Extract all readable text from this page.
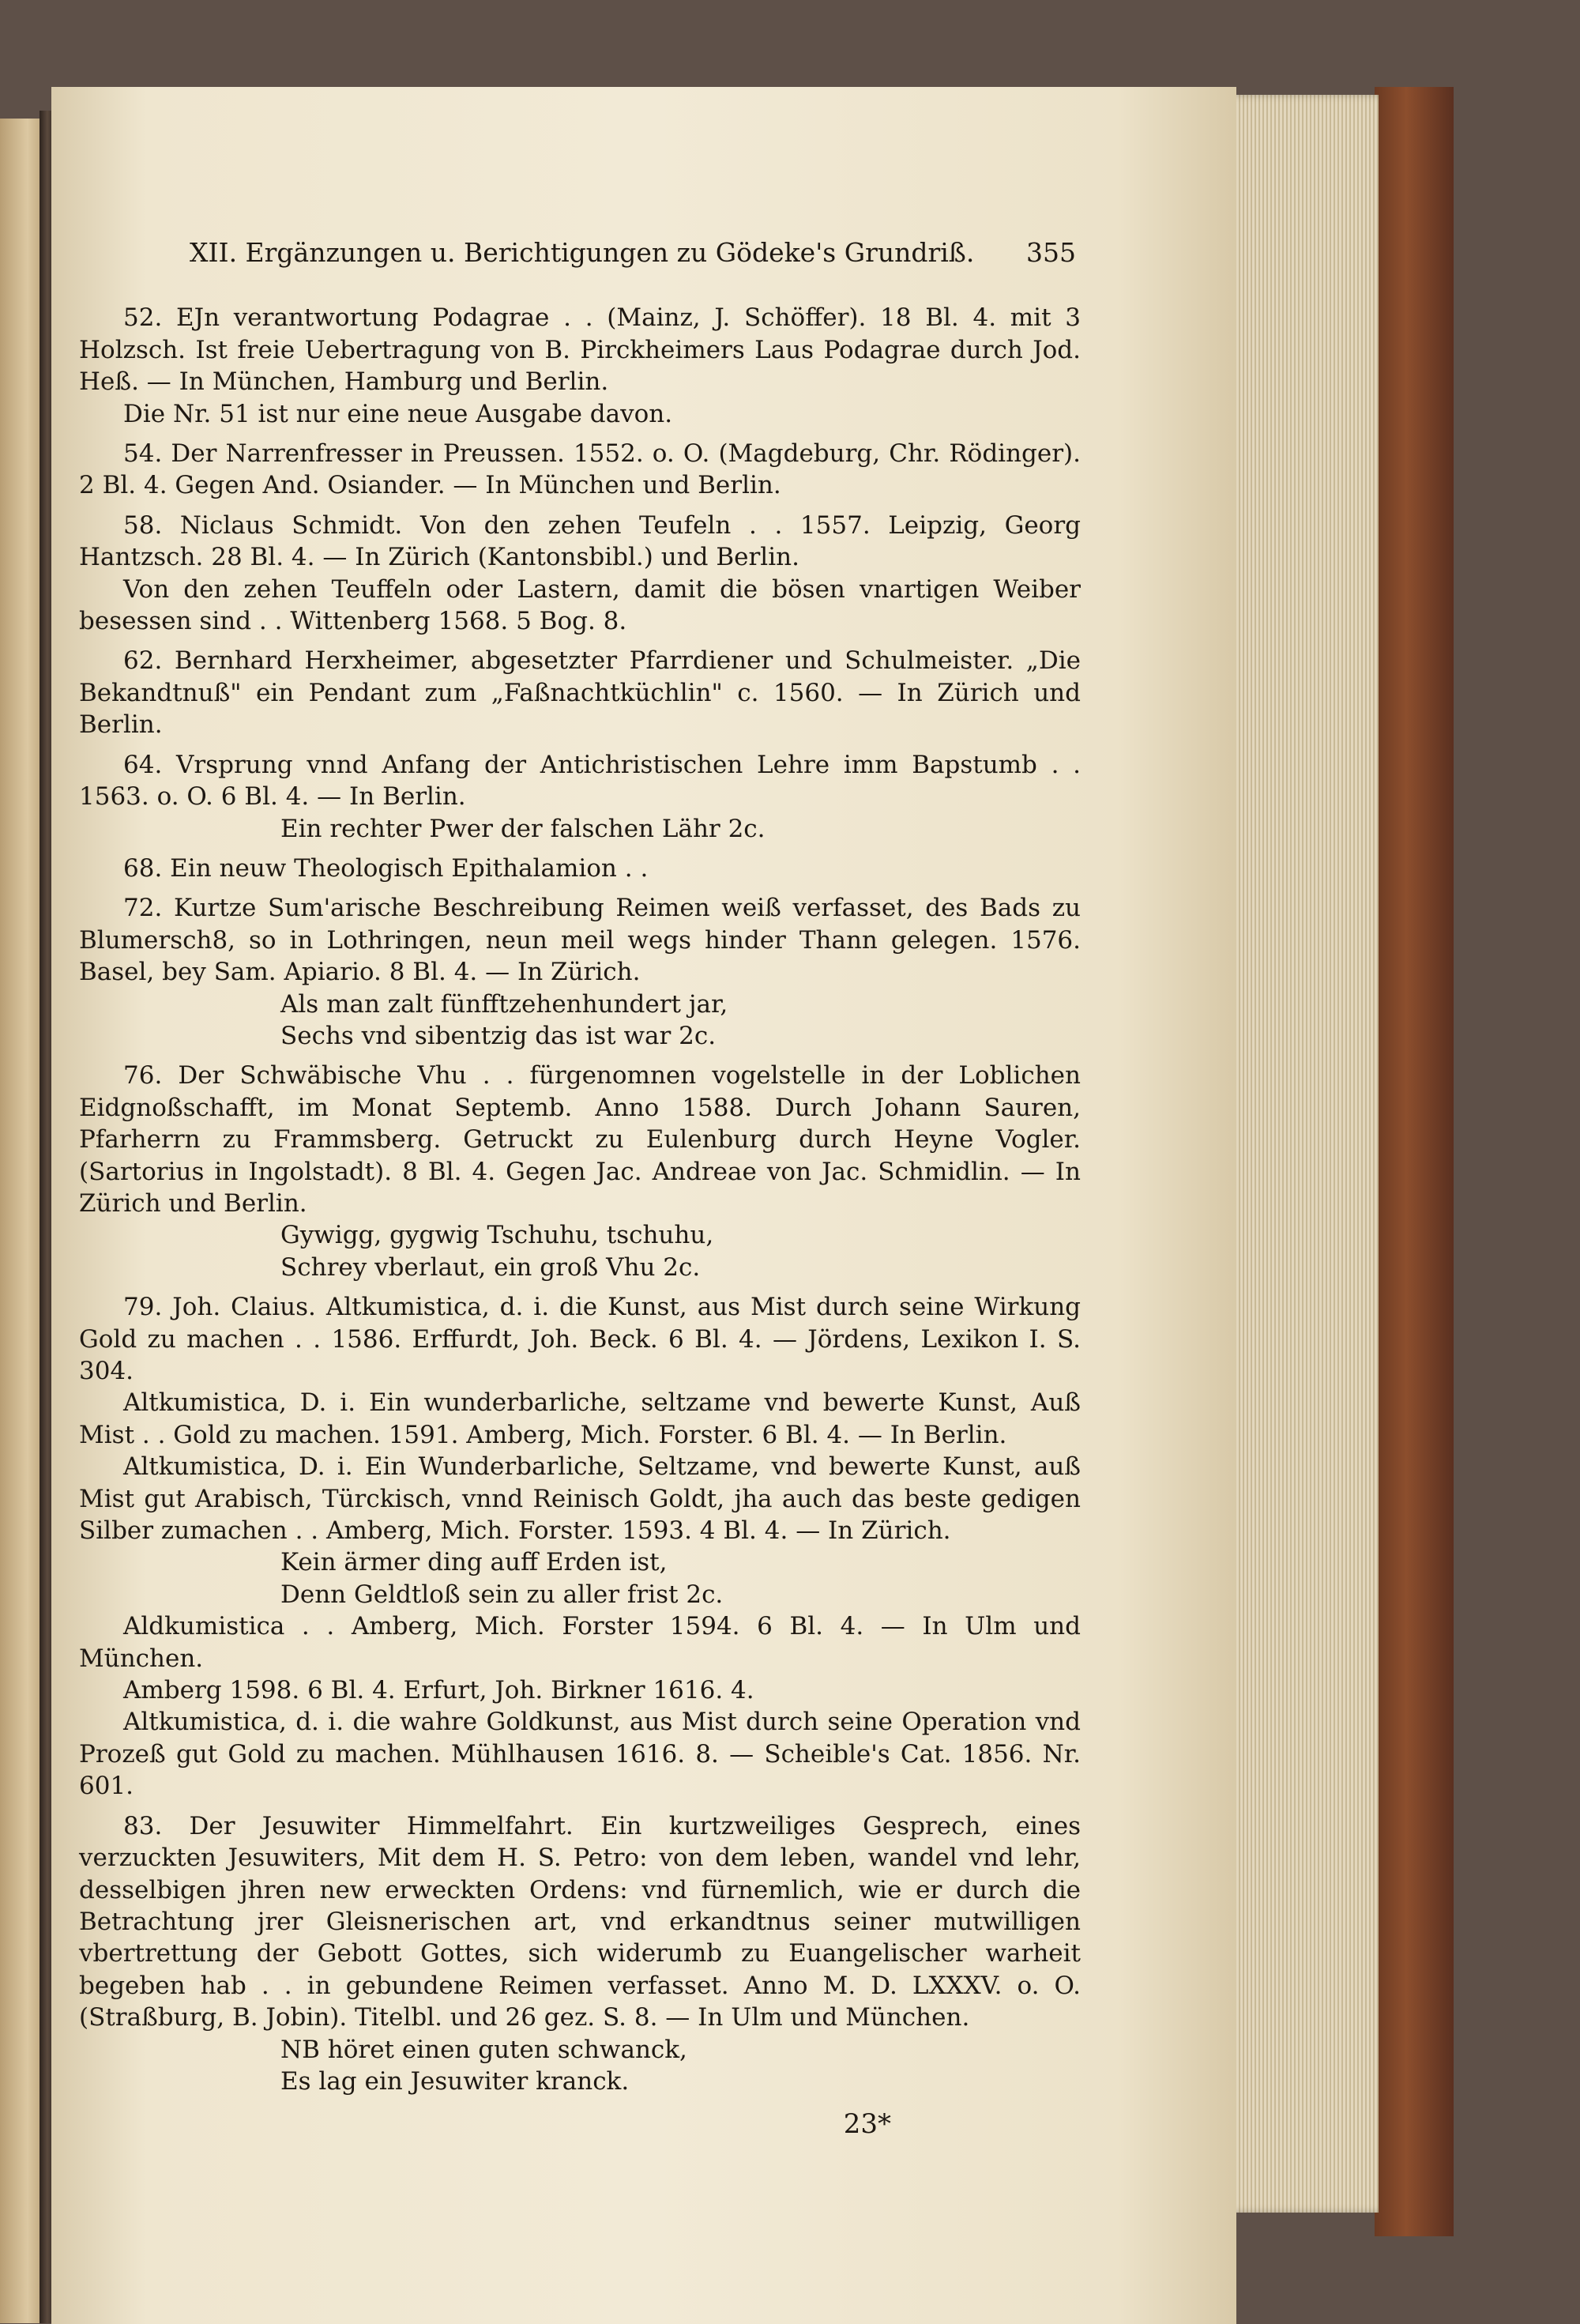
XII. Ergänzungen u. Berichtigungen zu Gödeke's Grundriß. 355

52. EJn verantwortung Podagrae . . (Mainz, J. Schöffer). 18 Bl. 4. mit 3 Holzsch. Ist freie Uebertragung von B. Pirckheimers Laus Podagrae durch Jod. Heß. — In München, Hamburg und Berlin.

Die Nr. 51 ist nur eine neue Ausgabe davon.

54. Der Narrenfresser in Preussen. 1552. o. O. (Magdeburg, Chr. Rödinger). 2 Bl. 4. Gegen And. Osiander. — In München und Berlin.

58. Niclaus Schmidt. Von den zehen Teufeln . . 1557. Leipzig, Georg Hantzsch. 28 Bl. 4. — In Zürich (Kantonsbibl.) und Berlin.

Von den zehen Teuffeln oder Lastern, damit die bösen vnartigen Weiber besessen sind . . Wittenberg 1568. 5 Bog. 8.

62. Bernhard Herxheimer, abgesetzter Pfarrdiener und Schulmeister. „Die Bekandtnuß" ein Pendant zum „Faßnachtküchlin" c. 1560. — In Zürich und Berlin.

64. Vrsprung vnnd Anfang der Antichristischen Lehre imm Bapstumb . . 1563. o. O. 6 Bl. 4. — In Berlin.

Ein rechter Pwer der falschen Lähr 2c.

68. Ein neuw Theologisch Epithalamion . .

72. Kurtze Sum'arische Beschreibung Reimen weiß verfasset, des Bads zu Blumersch8, so in Lothringen, neun meil wegs hinder Thann gelegen. 1576. Basel, bey Sam. Apiario. 8 Bl. 4. — In Zürich.

Als man zalt fünfftzehenhundert jar,

Sechs vnd sibentzig das ist war 2c.

76. Der Schwäbische Vhu . . fürgenomnen vogelstelle in der Loblichen Eidgnoßschafft, im Monat Septemb. Anno 1588. Durch Johann Sauren, Pfarherrn zu Frammsberg. Getruckt zu Eulenburg durch Heyne Vogler. (Sartorius in Ingolstadt). 8 Bl. 4. Gegen Jac. Andreae von Jac. Schmidlin. — In Zürich und Berlin.

Gywigg, gygwig Tschuhu, tschuhu,

Schrey vberlaut, ein groß Vhu 2c.

79. Joh. Claius. Altkumistica, d. i. die Kunst, aus Mist durch seine Wirkung Gold zu machen . . 1586. Erffurdt, Joh. Beck. 6 Bl. 4. — Jördens, Lexikon I. S. 304.

Altkumistica, D. i. Ein wunderbarliche, seltzame vnd bewerte Kunst, Auß Mist . . Gold zu machen. 1591. Amberg, Mich. Forster. 6 Bl. 4. — In Berlin.

Altkumistica, D. i. Ein Wunderbarliche, Seltzame, vnd bewerte Kunst, auß Mist gut Arabisch, Türckisch, vnnd Reinisch Goldt, jha auch das beste gedigen Silber zumachen . . Amberg, Mich. Forster. 1593. 4 Bl. 4. — In Zürich.

Kein ärmer ding auff Erden ist,

Denn Geldtloß sein zu aller frist 2c.

Aldkumistica . . Amberg, Mich. Forster 1594. 6 Bl. 4. — In Ulm und München.

Amberg 1598. 6 Bl. 4. Erfurt, Joh. Birkner 1616. 4.

Altkumistica, d. i. die wahre Goldkunst, aus Mist durch seine Operation vnd Prozeß gut Gold zu machen. Mühlhausen 1616. 8. — Scheible's Cat. 1856. Nr. 601.

83. Der Jesuwiter Himmelfahrt. Ein kurtzweiliges Gesprech, eines verzuckten Jesuwiters, Mit dem H. S. Petro: von dem leben, wandel vnd lehr, desselbigen jhren new erweckten Ordens: vnd fürnemlich, wie er durch die Betrachtung jrer Gleisnerischen art, vnd erkandtnus seiner mutwilligen vbertrettung der Gebott Gottes, sich widerumb zu Euangelischer warheit begeben hab . . in gebundene Reimen verfasset. Anno M. D. LXXXV. o. O. (Straßburg, B. Jobin). Titelbl. und 26 gez. S. 8. — In Ulm und München.

NB höret einen guten schwanck,

Es lag ein Jesuwiter kranck.

23*
